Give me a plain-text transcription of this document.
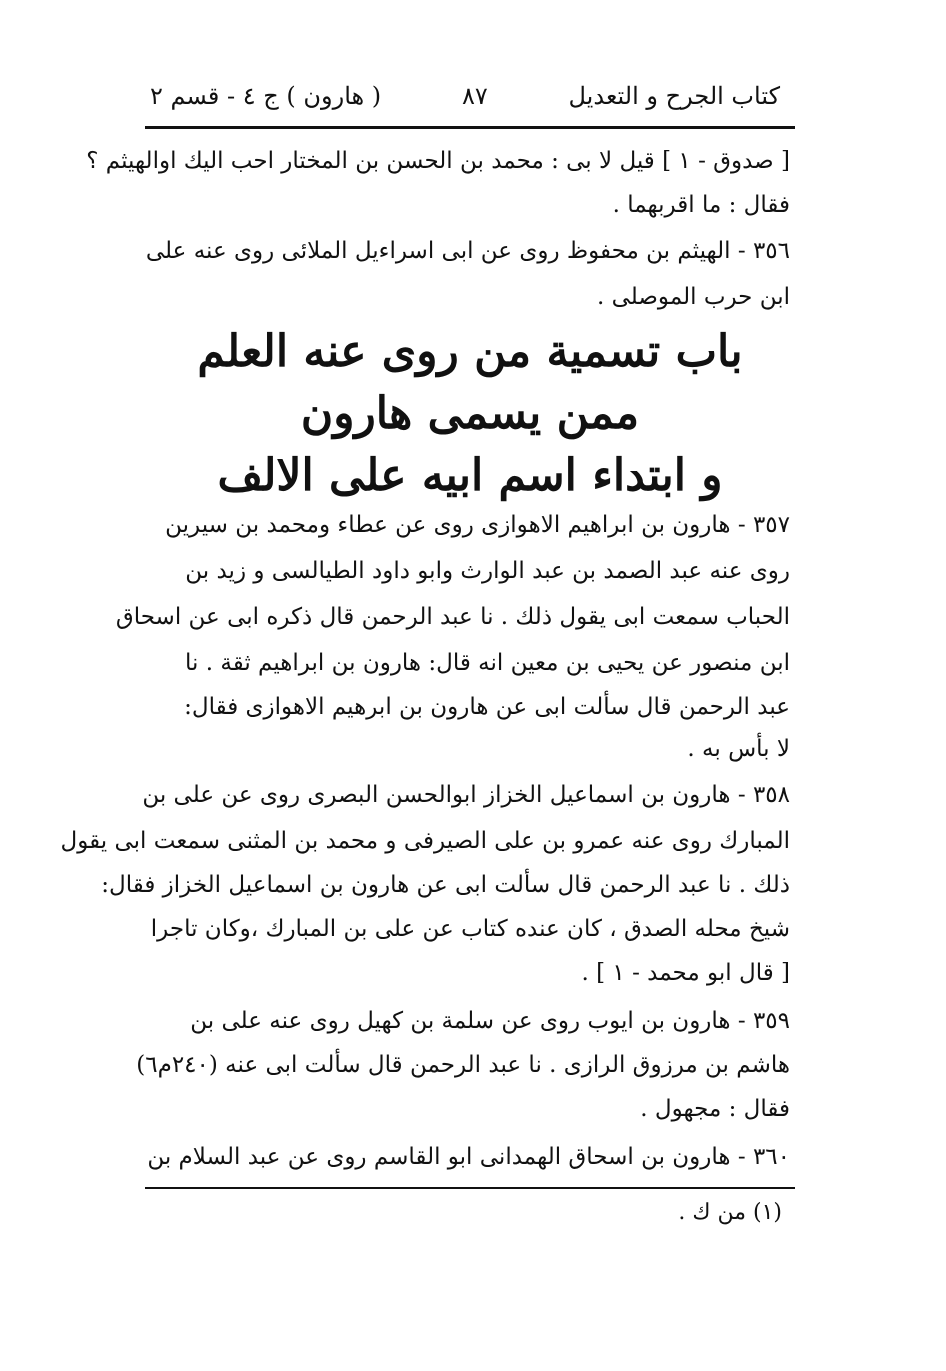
كتاب الجرح و التعديل
٨٧
( هارون ) ج ٤ - قسم ٢
[ صدوق - ١ ] قيل لا بى : محمد بن الحسن بن المختار احب اليك اوالهيثم ؟
فقال : ما اقربهما .
٣٥٦ - الهيثم بن محفوظ روى عن ابى اسراءيل الملائى روى عنه على
ابن حرب الموصلى .
باب تسمية من روى عنه العلم
ممن يسمى هارون
و ابتداء اسم ابيه على الالف
٣٥٧ - هارون بن ابراهيم الاهوازى روى عن عطاء ومحمد بن سيرين
روى عنه عبد الصمد بن عبد الوارث وابو داود الطيالسى و زيد بن
الحباب سمعت ابى يقول ذلك . نا عبد الرحمن قال ذكره ابى عن اسحاق
ابن منصور عن يحيى بن معين انه قال: هارون بن ابراهيم ثقة . نا
عبد الرحمن قال سألت ابى عن هارون بن ابرهيم الاهوازى فقال:
لا بأس به .
٣٥٨ - هارون بن اسماعيل الخزاز ابوالحسن البصرى روى عن على بن
المبارك روى عنه عمرو بن على الصيرفى و محمد بن المثنى سمعت ابى يقول
ذلك . نا عبد الرحمن قال سألت ابى عن هارون بن اسماعيل الخزاز فقال:
شيخ محله الصدق ، كان عنده كتاب عن على بن المبارك ،وكان تاجرا
[ قال ابو محمد - ١ ] .
٣٥٩ - هارون بن ايوب روى عن سلمة بن كهيل روى عنه على بن
هاشم بن مرزوق الرازى . نا عبد الرحمن قال سألت ابى عنه (٢٤٠م٦)
فقال : مجهول .
٣٦٠ - هارون بن اسحاق الهمدانى ابو القاسم روى عن عبد السلام بن
(١) من ك .
